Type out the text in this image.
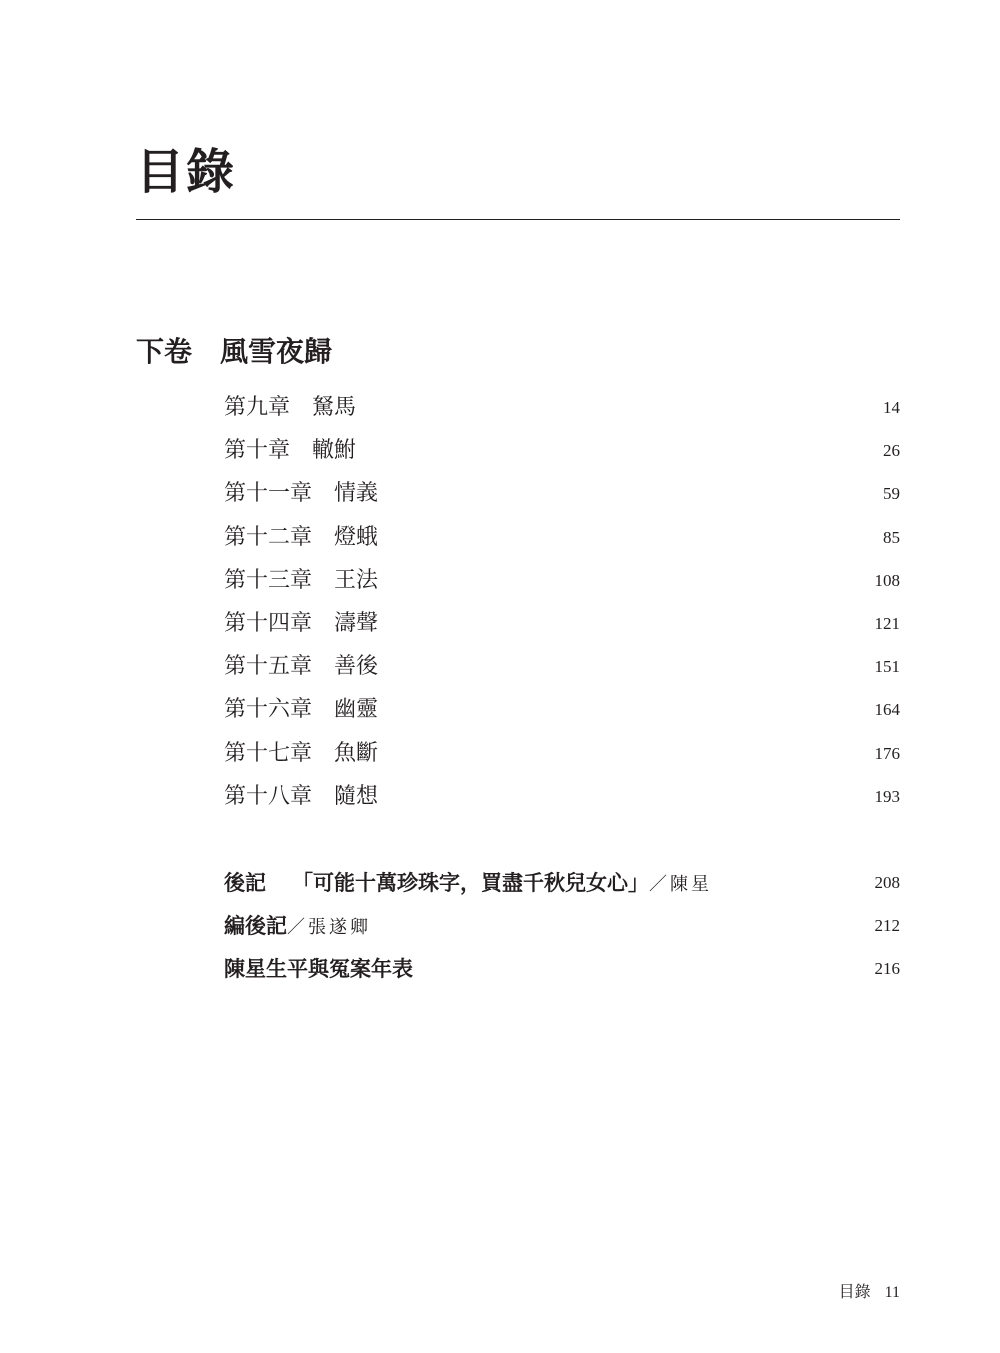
目錄
下卷 風雪夜歸
第九章 駑馬	14
第十章 轍鮒	26
第十一章 情義	59
第十二章 燈蛾	85
第十三章 王法	108
第十四章 濤聲	121
第十五章 善後	151
第十六章 幽靈	164
第十七章 魚斷	176
第十八章 隨想	193
後記 「可能十萬珍珠字，買盡千秋兒女心」／陳星	208
編後記／張遂卿	212
陳星生平與冤案年表	216
目錄 11
